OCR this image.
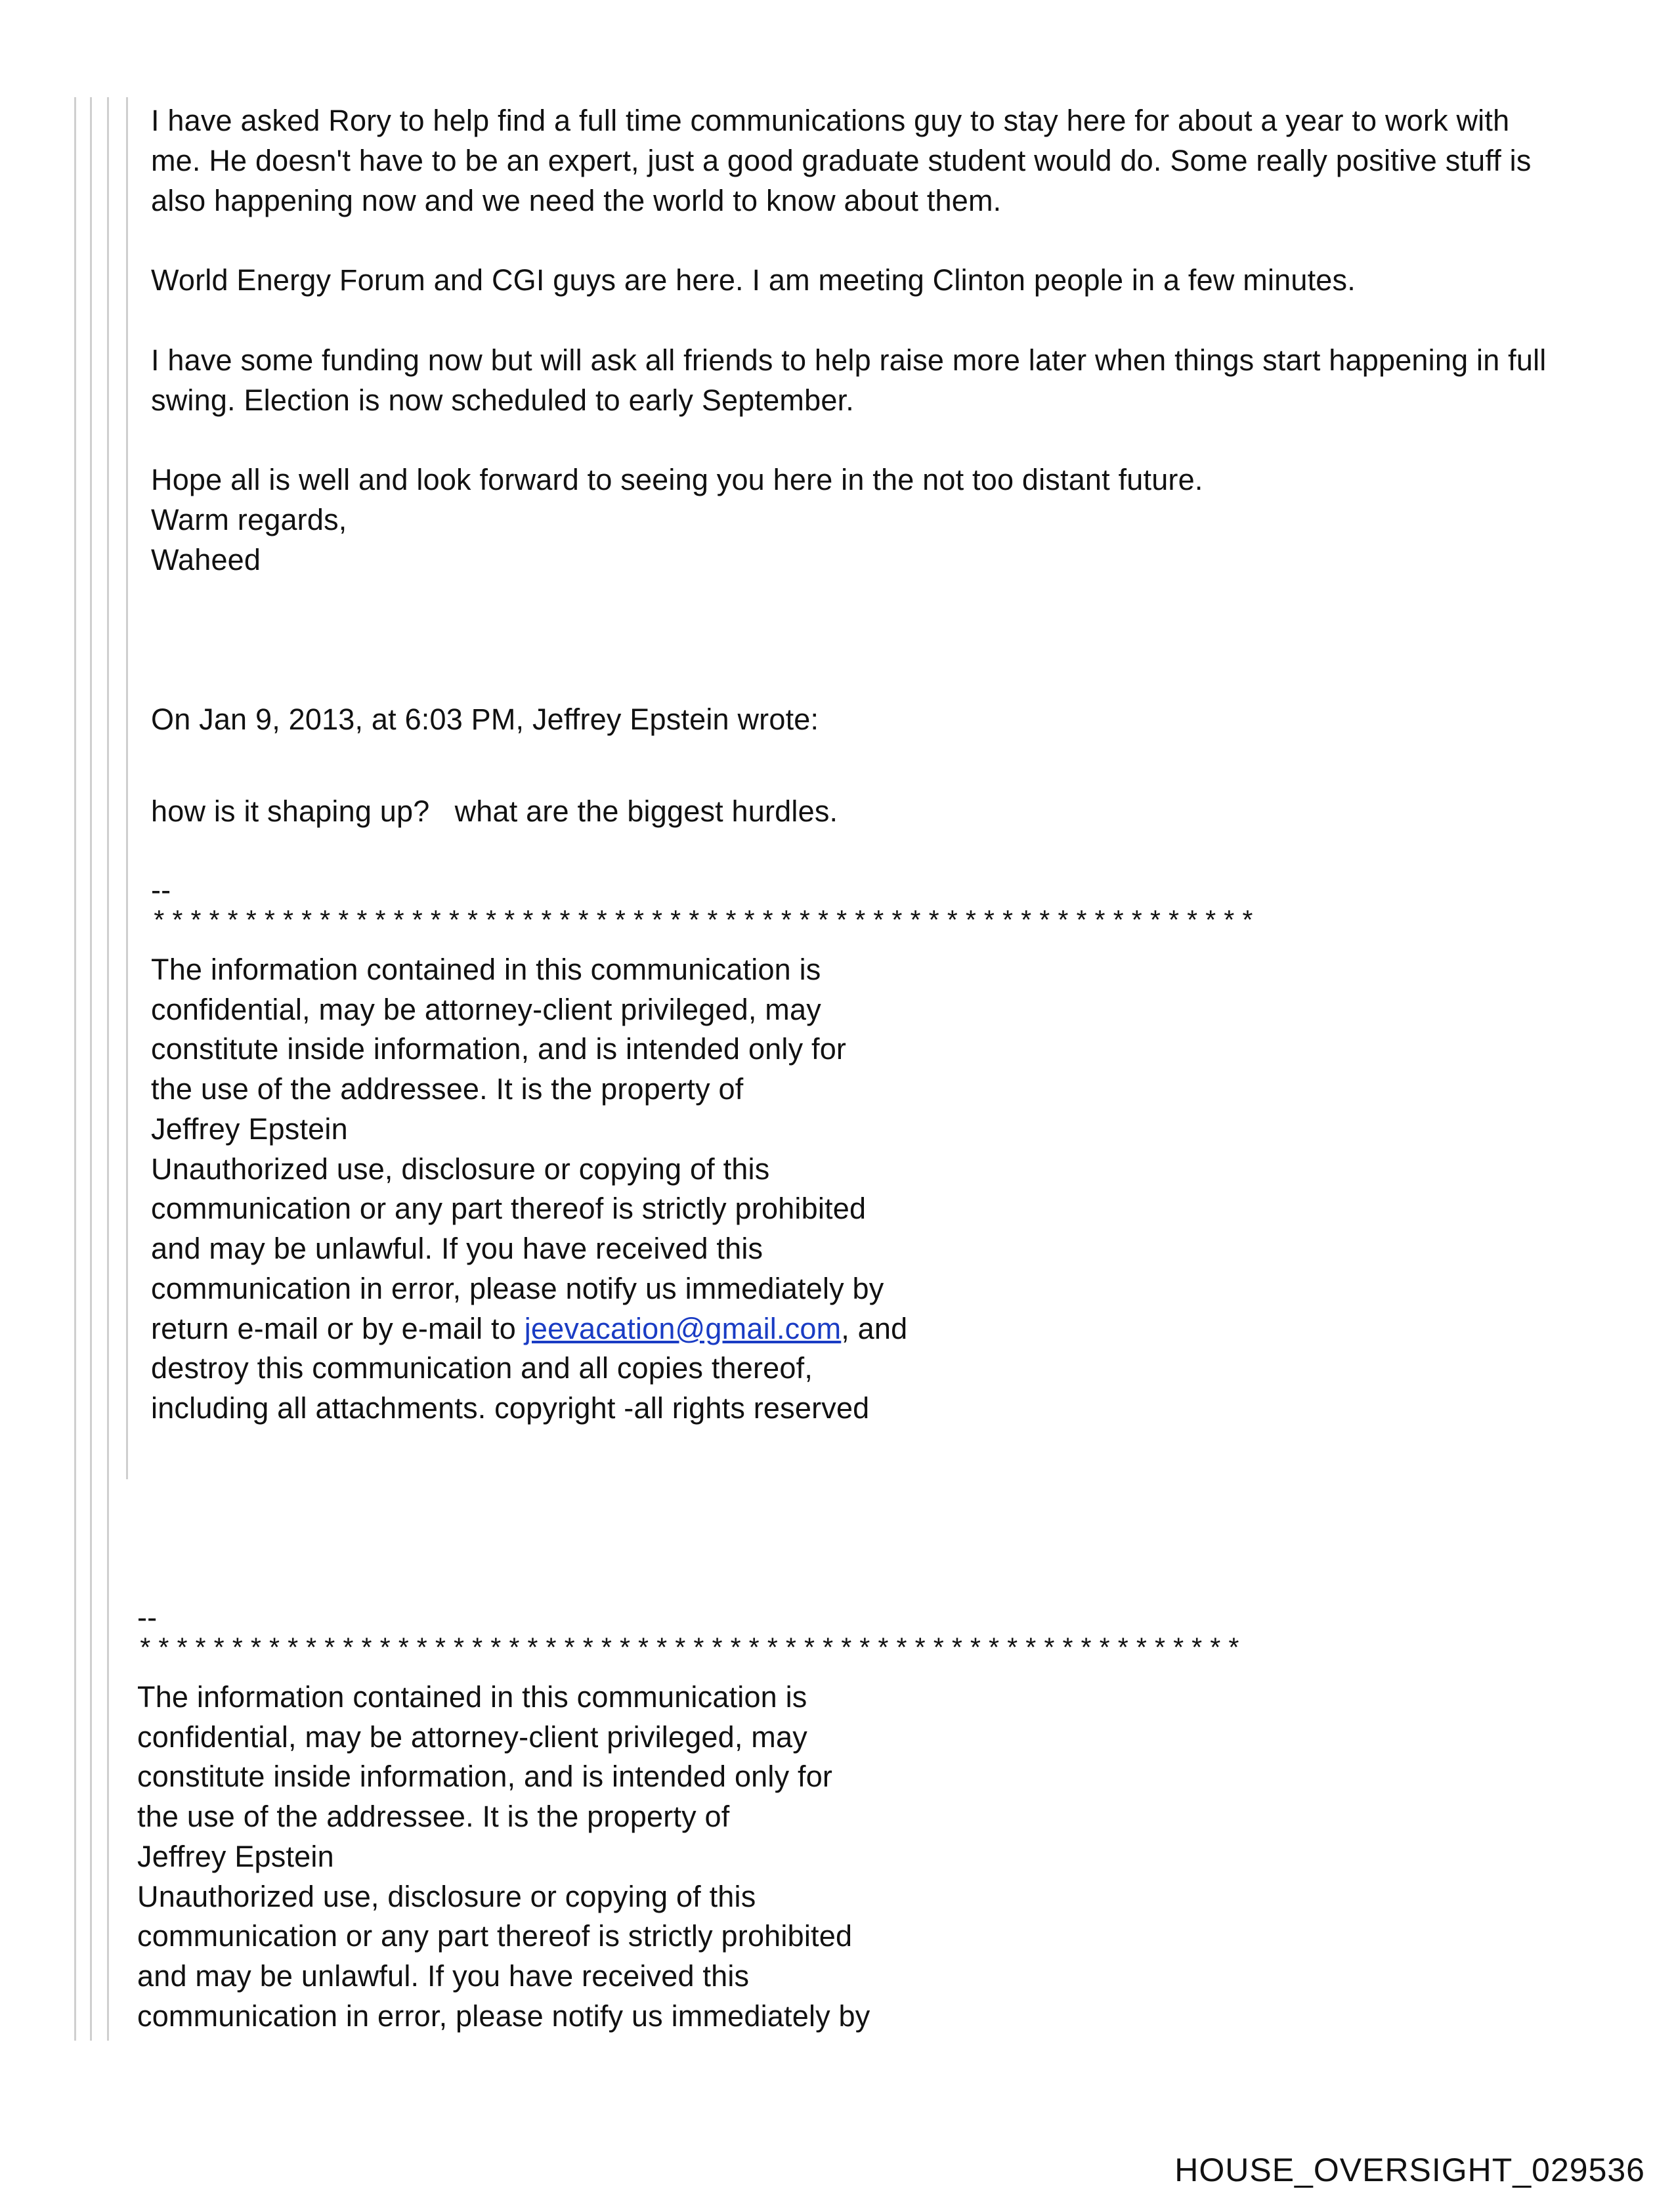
I have asked Rory to help find a full time communications guy to stay here for about a year to work with
me. He doesn't have to be an expert, just a good graduate student would do. Some really positive stuff is
also happening now and we need the world to know about them.
World Energy Forum and CGI guys are here. I am meeting Clinton people in a few minutes.
I have some funding now but will ask all friends to help raise more later when things start happening in full
swing. Election is now scheduled to early September.
Hope all is well and look forward to seeing you here in the not too distant future.
Warm regards,
Waheed
On Jan 9, 2013, at 6:03 PM, Jeffrey Epstein wrote:
how is it shaping up?   what are the biggest hurdles.
--
************************************************************
The information contained in this communication is
confidential, may be attorney-client privileged, may
constitute inside information, and is intended only for
the use of the addressee. It is the property of
Jeffrey Epstein
Unauthorized use, disclosure or copying of this
communication or any part thereof is strictly prohibited
and may be unlawful. If you have received this
communication in error, please notify us immediately by
return e-mail or by e-mail to jeevacation@gmail.com, and
destroy this communication and all copies thereof,
including all attachments. copyright -all rights reserved
--
************************************************************
The information contained in this communication is
confidential, may be attorney-client privileged, may
constitute inside information, and is intended only for
the use of the addressee. It is the property of
Jeffrey Epstein
Unauthorized use, disclosure or copying of this
communication or any part thereof is strictly prohibited
and may be unlawful. If you have received this
communication in error, please notify us immediately by
HOUSE_OVERSIGHT_029536
